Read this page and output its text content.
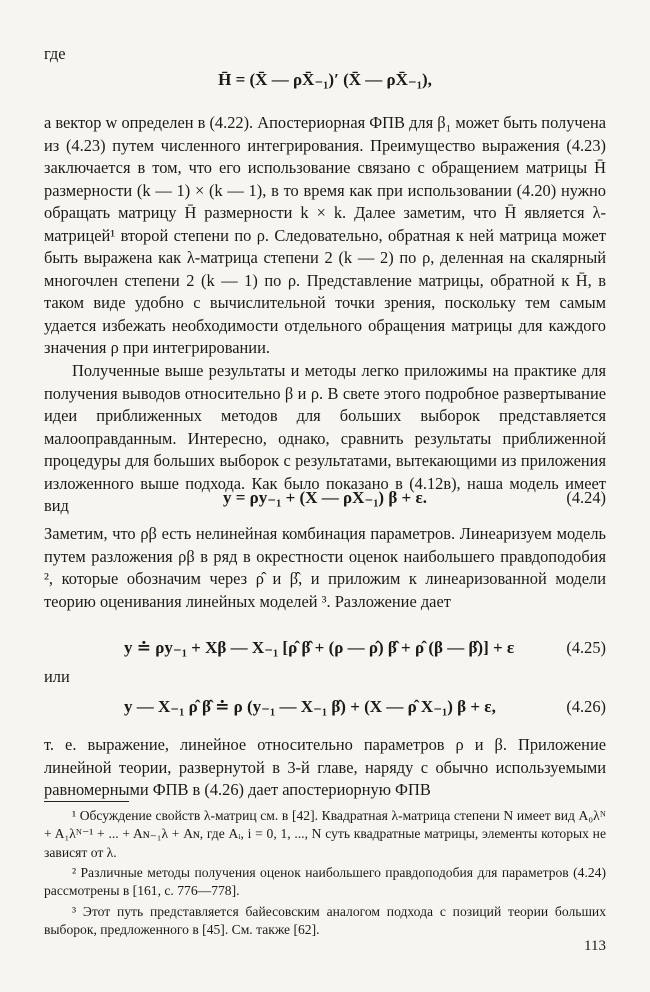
где

H̄ = (X̄ — ρX̄₋₁)′ (X̄ — ρX̄₋₁),

а вектор w определен в (4.22). Апостериорная ФПВ для β₁ может быть получена из (4.23) путем численного интегрирования. Преимущество выражения (4.23) заключается в том, что его использование связано с обращением матрицы H̄ размерности (k — 1) × (k — 1), в то время как при использовании (4.20) нужно обращать матрицу H̄ размерности k × k. Далее заметим, что H̄ является λ-матрицей¹ второй степени по ρ. Следовательно, обратная к ней матрица может быть выражена как λ-матрица степени 2 (k — 2) по ρ, деленная на скалярный многочлен степени 2 (k — 1) по ρ. Представление матрицы, обратной к H̄, в таком виде удобно с вычислительной точки зрения, поскольку тем самым удается избежать необходимости отдельного обращения матрицы для каждого значения ρ при интегрировании.

Полученные выше результаты и методы легко приложимы на практике для получения выводов относительно β и ρ. В свете этого подробное развертывание идеи приближенных методов для больших выборок представляется малооправданным. Интересно, однако, сравнить результаты приближенной процедуры для больших выборок с результатами, вытекающими из приложения изложенного выше подхода. Как было показано в (4.12в), наша модель имеет вид	y = ρy₋₁ + (X — ρX₋₁) β + ε.	(4.24)

Заметим, что ρβ есть нелинейная комбинация параметров. Линеаризуем модель путем разложения ρβ в ряд в окрестности оценок наибольшего правдоподобия ², которые обозначим через ρ̂ и β̂, и приложим к линеаризованной модели теорию оценивания линейных моделей ³. Разложение дает

y ≐ ρy₋₁ + Xβ — X₋₁ [ρ̂ β̂ + (ρ — ρ̂) β̂ + ρ̂ (β — β̂)] + ε	(4.25)

или

y — X₋₁ ρ̂ β̂ ≐ ρ (y₋₁ — X₋₁ β̂) + (X — ρ̂ X₋₁) β + ε,	(4.26)

т. е. выражение, линейное относительно параметров ρ и β. Приложение линейной теории, развернутой в 3-й главе, наряду с обычно используемыми равномерными ФПВ в (4.26) дает апостериорную ФПВ

¹ Обсуждение свойств λ-матриц см. в [42]. Квадратная λ-матрица степени N имеет вид A₀λᴺ + A₁λᴺ⁻¹ + ... + Aɴ₋₁λ + Aɴ, где Aᵢ, i = 0, 1, ..., N суть квадратные матрицы, элементы которых не зависят от λ.

² Различные методы получения оценок наибольшего правдоподобия для параметров (4.24) рассмотрены в [161, с. 776—778].

³ Этот путь представляется байесовским аналогом подхода с позиций теории больших выборок, предложенного в [45]. См. также [62].

113
